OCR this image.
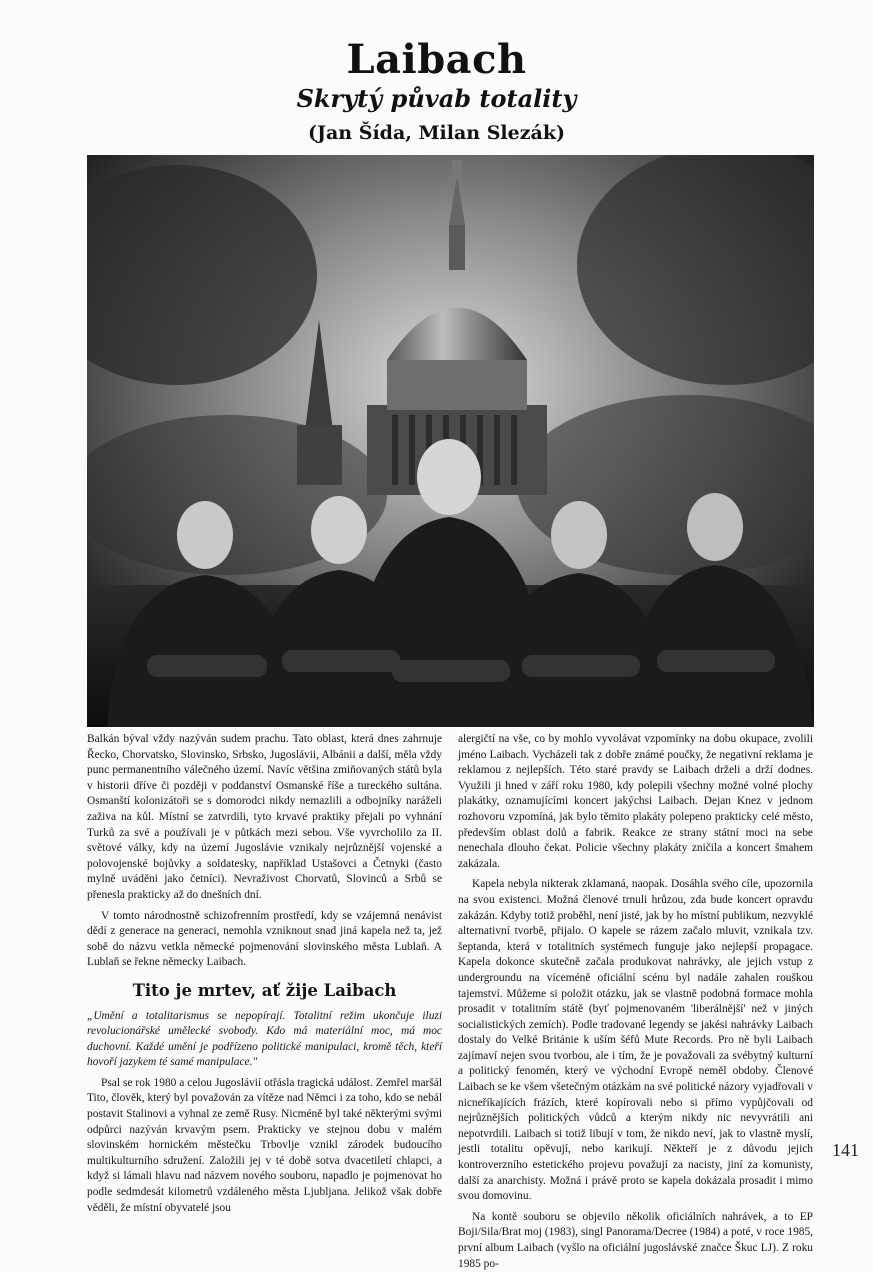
Laibach
Skrytý půvab totality
(Jan Šída, Milan Slezák)

Balkán býval vždy nazýván sudem prachu. Tato oblast, která dnes zahrnuje Řecko, Chorvatsko, Slovinsko, Srbsko, Jugoslávii, Albánii a další, měla vždy punc permanentního válečného území. Navíc většina zmiňovaných států byla v historii dříve či později v poddanství Osmanské říše a tureckého sultána. Osmanští kolonizátoři se s domorodci nikdy nemazlili a odbojníky naráželi zaživa na kůl. Místní se zatvrdili, tyto krvavé praktiky přejali po vyhnání Turků za své a používali je v půtkách mezi sebou. Vše vyvrcholilo za II. světové války, kdy na území Jugoslávie vznikaly nejrůznější vojenské a polovojenské bojůvky a soldatesky, například Ustašovci a Četnyki (často mylně uváděni jako četníci). Nevraživost Chorvatů, Slovinců a Srbů se přenesla prakticky až do dnešních dní.

V tomto národnostně schizofrenním prostředí, kdy se vzájemná nenávist dědí z generace na generaci, nemohla vzniknout snad jiná kapela než ta, jež sobě do názvu vetkla německé pojmenování slovinského města Lublaň. A Lublaň se řekne německy Laibach.

Tito je mrtev, ať žije Laibach

„Umění a totalitarismus se nepopírají. Totalitní režim ukončuje iluzi revolucionářské umělecké svobody. Kdo má materiální moc, má moc duchovní. Každé umění je podřízeno politické manipulaci, kromě těch, kteří hovoří jazykem té samé manipulace."

Psal se rok 1980 a celou Jugoslávií otřásla tragická událost. Zemřel maršál Tito, člověk, který byl považován za vítěze nad Němci i za toho, kdo se nebál postavit Stalinovi a vyhnal ze země Rusy. Nicméně byl také některými svými odpůrci nazýván krvavým psem. Prakticky ve stejnou dobu v malém slovinském hornickém městečku Trbovlje vznikl zárodek budoucího multikulturního sdružení. Založili jej v té době sotva dvacetiletí chlapci, a když si lámali hlavu nad názvem nového souboru, napadlo je pojmenovat ho podle sedmdesát kilometrů vzdáleného města Ljubljana. Jelikož však dobře věděli, že místní obyvatelé jsou

alergičtí na vše, co by mohlo vyvolávat vzpomínky na dobu okupace, zvolili jméno Laibach. Vycházeli tak z dobře známé poučky, že negativní reklama je reklamou z nejlepších. Této staré pravdy se Laibach drželi a drží dodnes. Využili ji hned v září roku 1980, kdy polepili všechny možné volné plochy plakátky, oznamujícími koncert jakýchsi Laibach. Dejan Knez v jednom rozhovoru vzpomíná, jak bylo těmito plakáty polepeno prakticky celé město, především oblast dolů a fabrik. Reakce ze strany státní moci na sebe nenechala dlouho čekat. Policie všechny plakáty zničila a koncert šmahem zakázala.

Kapela nebyla nikterak zklamaná, naopak. Dosáhla svého cíle, upozornila na svou existenci. Možná členové trnuli hrůzou, zda bude koncert opravdu zakázán. Kdyby totiž proběhl, není jisté, jak by ho místní publikum, nezvyklé alternativní tvorbě, přijalo. O kapele se rázem začalo mluvit, vznikala tzv. šeptanda, která v totalitních systémech funguje jako nejlepší propagace. Kapela dokonce skutečně začala produkovat nahrávky, ale jejich vstup z undergroundu na víceméně oficiální scénu byl nadále zahalen rouškou tajemství. Můžeme si položit otázku, jak se vlastně podobná formace mohla prosadit v totalitním státě (byť pojmenovaném 'liberálnější' než v jiných socialistických zemích). Podle tradované legendy se jakési nahrávky Laibach dostaly do Velké Británie k uším šéfů Mute Records. Pro ně byli Laibach zajímaví nejen svou tvorbou, ale i tím, že je považovali za svébytný kulturní a politický fenomén, který ve východní Evropě neměl obdoby. Členové Laibach se ke všem všetečným otázkám na své politické názory vyjadřovali v nicneříkajících frázích, které kopírovali nebo si přímo vypůjčovali od nejrůznějších politických vůdců a kterým nikdy nic nevyvrátili ani nepotvrdili. Laibach si totiž libují v tom, že nikdo neví, jak to vlastně myslí, jestli totalitu opěvují, nebo karikují. Někteří je z důvodu jejich kontroverzního estetického projevu považují za nacisty, jiní za komunisty, další za anarchisty. Možná i právě proto se kapela dokázala prosadit i mimo svou domovinu.

Na kontě souboru se objevilo několik oficiálních nahrávek, a to EP Boji/Sila/Brat moj (1983), singl Panorama/Decree (1984) a poté, v roce 1985, první album Laibach (vyšlo na oficiální jugoslávské značce Škuc LJ). Z roku 1985 po-

141
